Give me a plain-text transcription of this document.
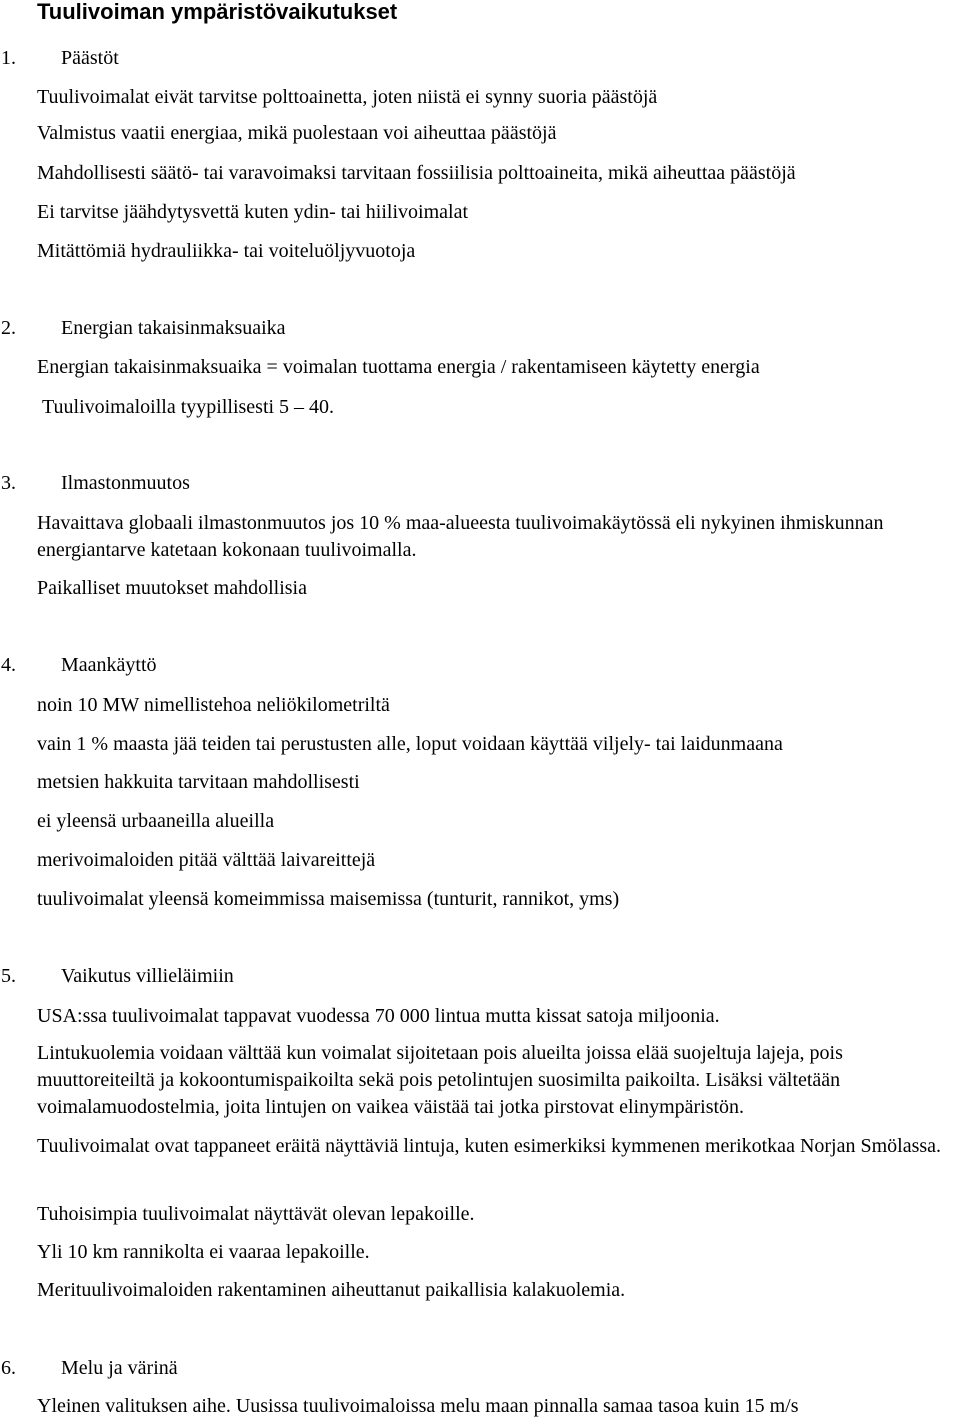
Tuulivoiman ympäristövaikutukset
1. Päästöt
Tuulivoimalat eivät tarvitse polttoainetta, joten niistä ei synny suoria päästöjä
Valmistus vaatii energiaa, mikä puolestaan voi aiheuttaa päästöjä
Mahdollisesti säätö- tai varavoimaksi tarvitaan fossiilisia polttoaineita, mikä aiheuttaa päästöjä
Ei tarvitse jäähdytysvettä kuten ydin- tai hiilivoimalat
Mitättömiä hydrauliikka- tai voiteluöljyvuotoja
2. Energian takaisinmaksuaika
Energian takaisinmaksuaika = voimalan tuottama energia / rakentamiseen käytetty energia
Tuulivoimaloilla tyypillisesti 5 – 40.
3. Ilmastonmuutos

Havaittava globaali ilmastonmuutos jos 10 % maa-alueesta tuulivoimakäytössä eli nykyinen ihmiskunnan energiantarve katetaan kokonaan tuulivoimalla.

Paikalliset muutokset mahdollisia
4. Maankäyttö
noin 10 MW nimellistehoa neliökilometriltä
vain 1 % maasta jää teiden tai perustusten alle, loput voidaan käyttää viljely- tai laidunmaana
metsien hakkuita tarvitaan mahdollisesti
ei yleensä urbaaneilla alueilla
merivoimaloiden pitää välttää laivareittejä
tuulivoimalat yleensä komeimmissa maisemissa (tunturit, rannikot, yms)
5. Vaikutus villieläimiin
USA:ssa tuulivoimalat tappavat vuodessa 70 000 lintua mutta kissat satoja miljoonia.

Lintukuolemia voidaan välttää kun voimalat sijoitetaan pois alueilta joissa elää suojeltuja lajeja, pois muuttoreiteiltä ja kokoontumispaikoilta sekä pois petolintujen suosimilta paikoilta. Lisäksi vältetään voimalamuodostelmia, joita lintujen on vaikea väistää tai jotka pirstovat elinympäristön.

Tuulivoimalat ovat tappaneet eräitä näyttäviä lintuja, kuten esimerkiksi kymmenen merikotkaa Norjan Smölassa.

Tuhoisimpia tuulivoimalat näyttävät olevan lepakoille.
Yli 10 km rannikolta ei vaaraa lepakoille.
Merituulivoimaloiden rakentaminen aiheuttanut paikallisia kalakuolemia.
6. Melu ja värinä
Yleinen valituksen aihe. Uusissa tuulivoimaloissa melu maan pinnalla samaa tasoa kuin 15 m/s
